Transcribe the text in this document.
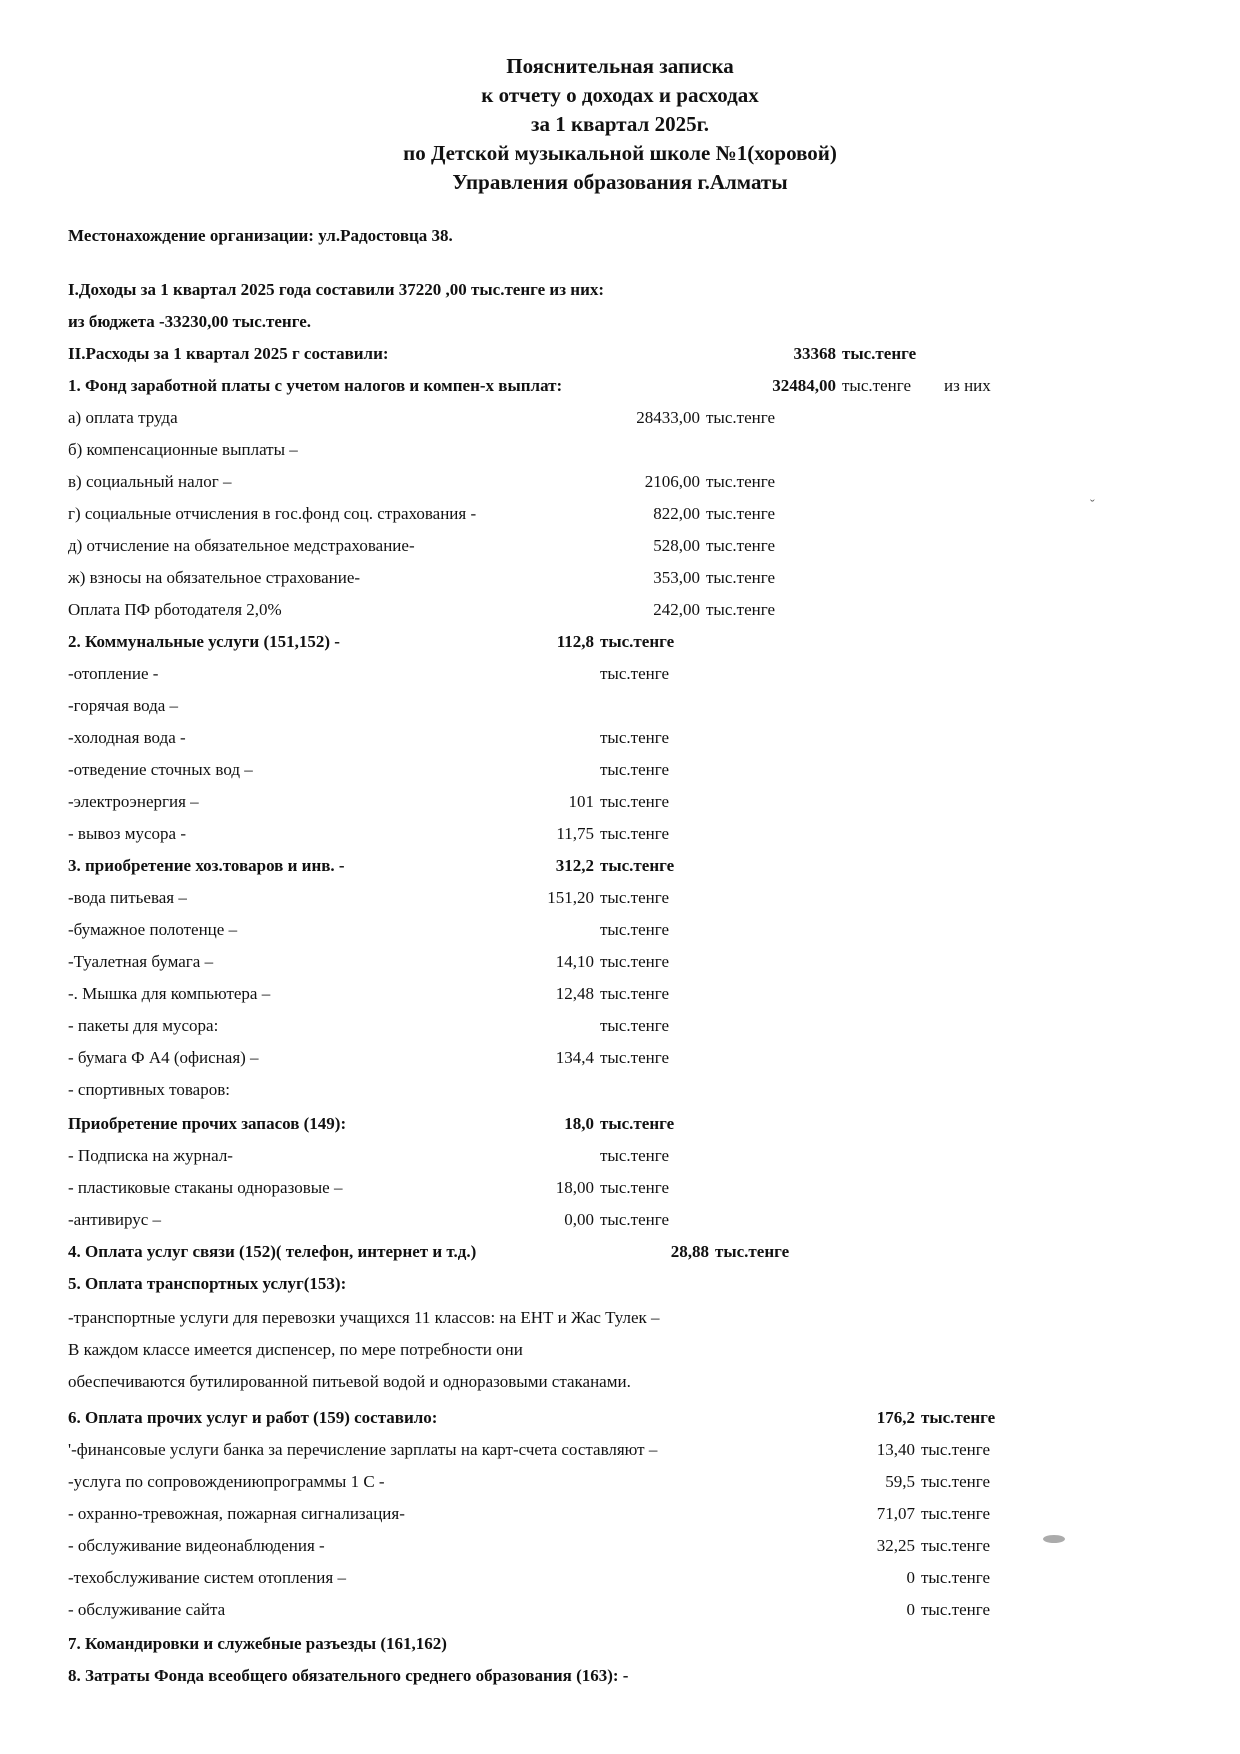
Пояснительная записка
к отчету о доходах и расходах
за 1 квартал 2025г.
по Детской музыкальной школе №1(хоровой)
Управления образования г.Алматы
Местонахождение организации: ул.Радостовца 38.
I.Доходы за 1 квартал 2025 года составили 37220 ,00 тыс.тенге из них:
из бюджета -33230,00 тыс.тенге.
II.Расходы за 1 квартал 2025 г составили:	33368 тыс.тенге
1. Фонд заработной платы с учетом налогов и компен-х выплат:	32484,00 тыс.тенге из них
а) оплата труда	28433,00 тыс.тенге
б) компенсационные выплаты –
в) социальный налог –	2106,00 тыс.тенге
г) социальные отчисления в гос.фонд соц. страхования -	822,00 тыс.тенге
д) отчисление на обязательное медстрахование-	528,00 тыс.тенге
ж) взносы на обязательное страхование-	353,00 тыс.тенге
Оплата ПФ рботодателя 2,0%	242,00 тыс.тенге
2. Коммунальные услуги (151,152) -	112,8 тыс.тенге
-отопление -	тыс.тенге
-горячая вода –
-холодная вода -	тыс.тенге
-отведение сточных вод –	тыс.тенге
-электроэнергия –	101 тыс.тенге
- вывоз мусора -	11,75 тыс.тенге
3. приобретение хоз.товаров и инв. -	312,2 тыс.тенге
-вода питьевая –	151,20 тыс.тенге
-бумажное полотенце –	тыс.тенге
-Туалетная бумага –	14,10 тыс.тенге
-. Мышка для компьютера –	12,48 тыс.тенге
- пакеты для мусора:	тыс.тенге
- бумага Ф А4 (офисная) –	134,4 тыс.тенге
- спортивных товаров:
Приобретение прочих запасов (149):	18,0 тыс.тенге
- Подписка на журнал-	тыс.тенге
- пластиковые стаканы одноразовые –	18,00 тыс.тенге
-антивирус –	0,00 тыс.тенге
4. Оплата услуг связи (152)( телефон, интернет и т.д.)	28,88 тыс.тенге
5. Оплата транспортных услуг(153):
-транспортные услуги для перевозки учащихся 11 классов: на ЕНТ и Жас Тулек –
В каждом классе имеется диспенсер, по мере потребности они
обеспечиваются бутилированной питьевой водой и одноразовыми стаканами.
6. Оплата прочих услуг и работ (159) составило:	176,2 тыс.тенге
'-финансовые услуги банка за перечисление зарплаты на карт-счета составляют –	13,40 тыс.тенге
-услуга по сопровождениюпрограммы 1 С -	59,5 тыс.тенге
- охранно-тревожная, пожарная сигнализация-	71,07 тыс.тенге
- обслуживание видеонаблюдения -	32,25 тыс.тенге
-техобслуживание систем отопления –	0 тыс.тенге
- обслуживание сайта	0 тыс.тенге
7. Командировки и служебные разъезды (161,162)
8. Затраты Фонда всеобщего обязательного среднего образования (163): -
ˇ
